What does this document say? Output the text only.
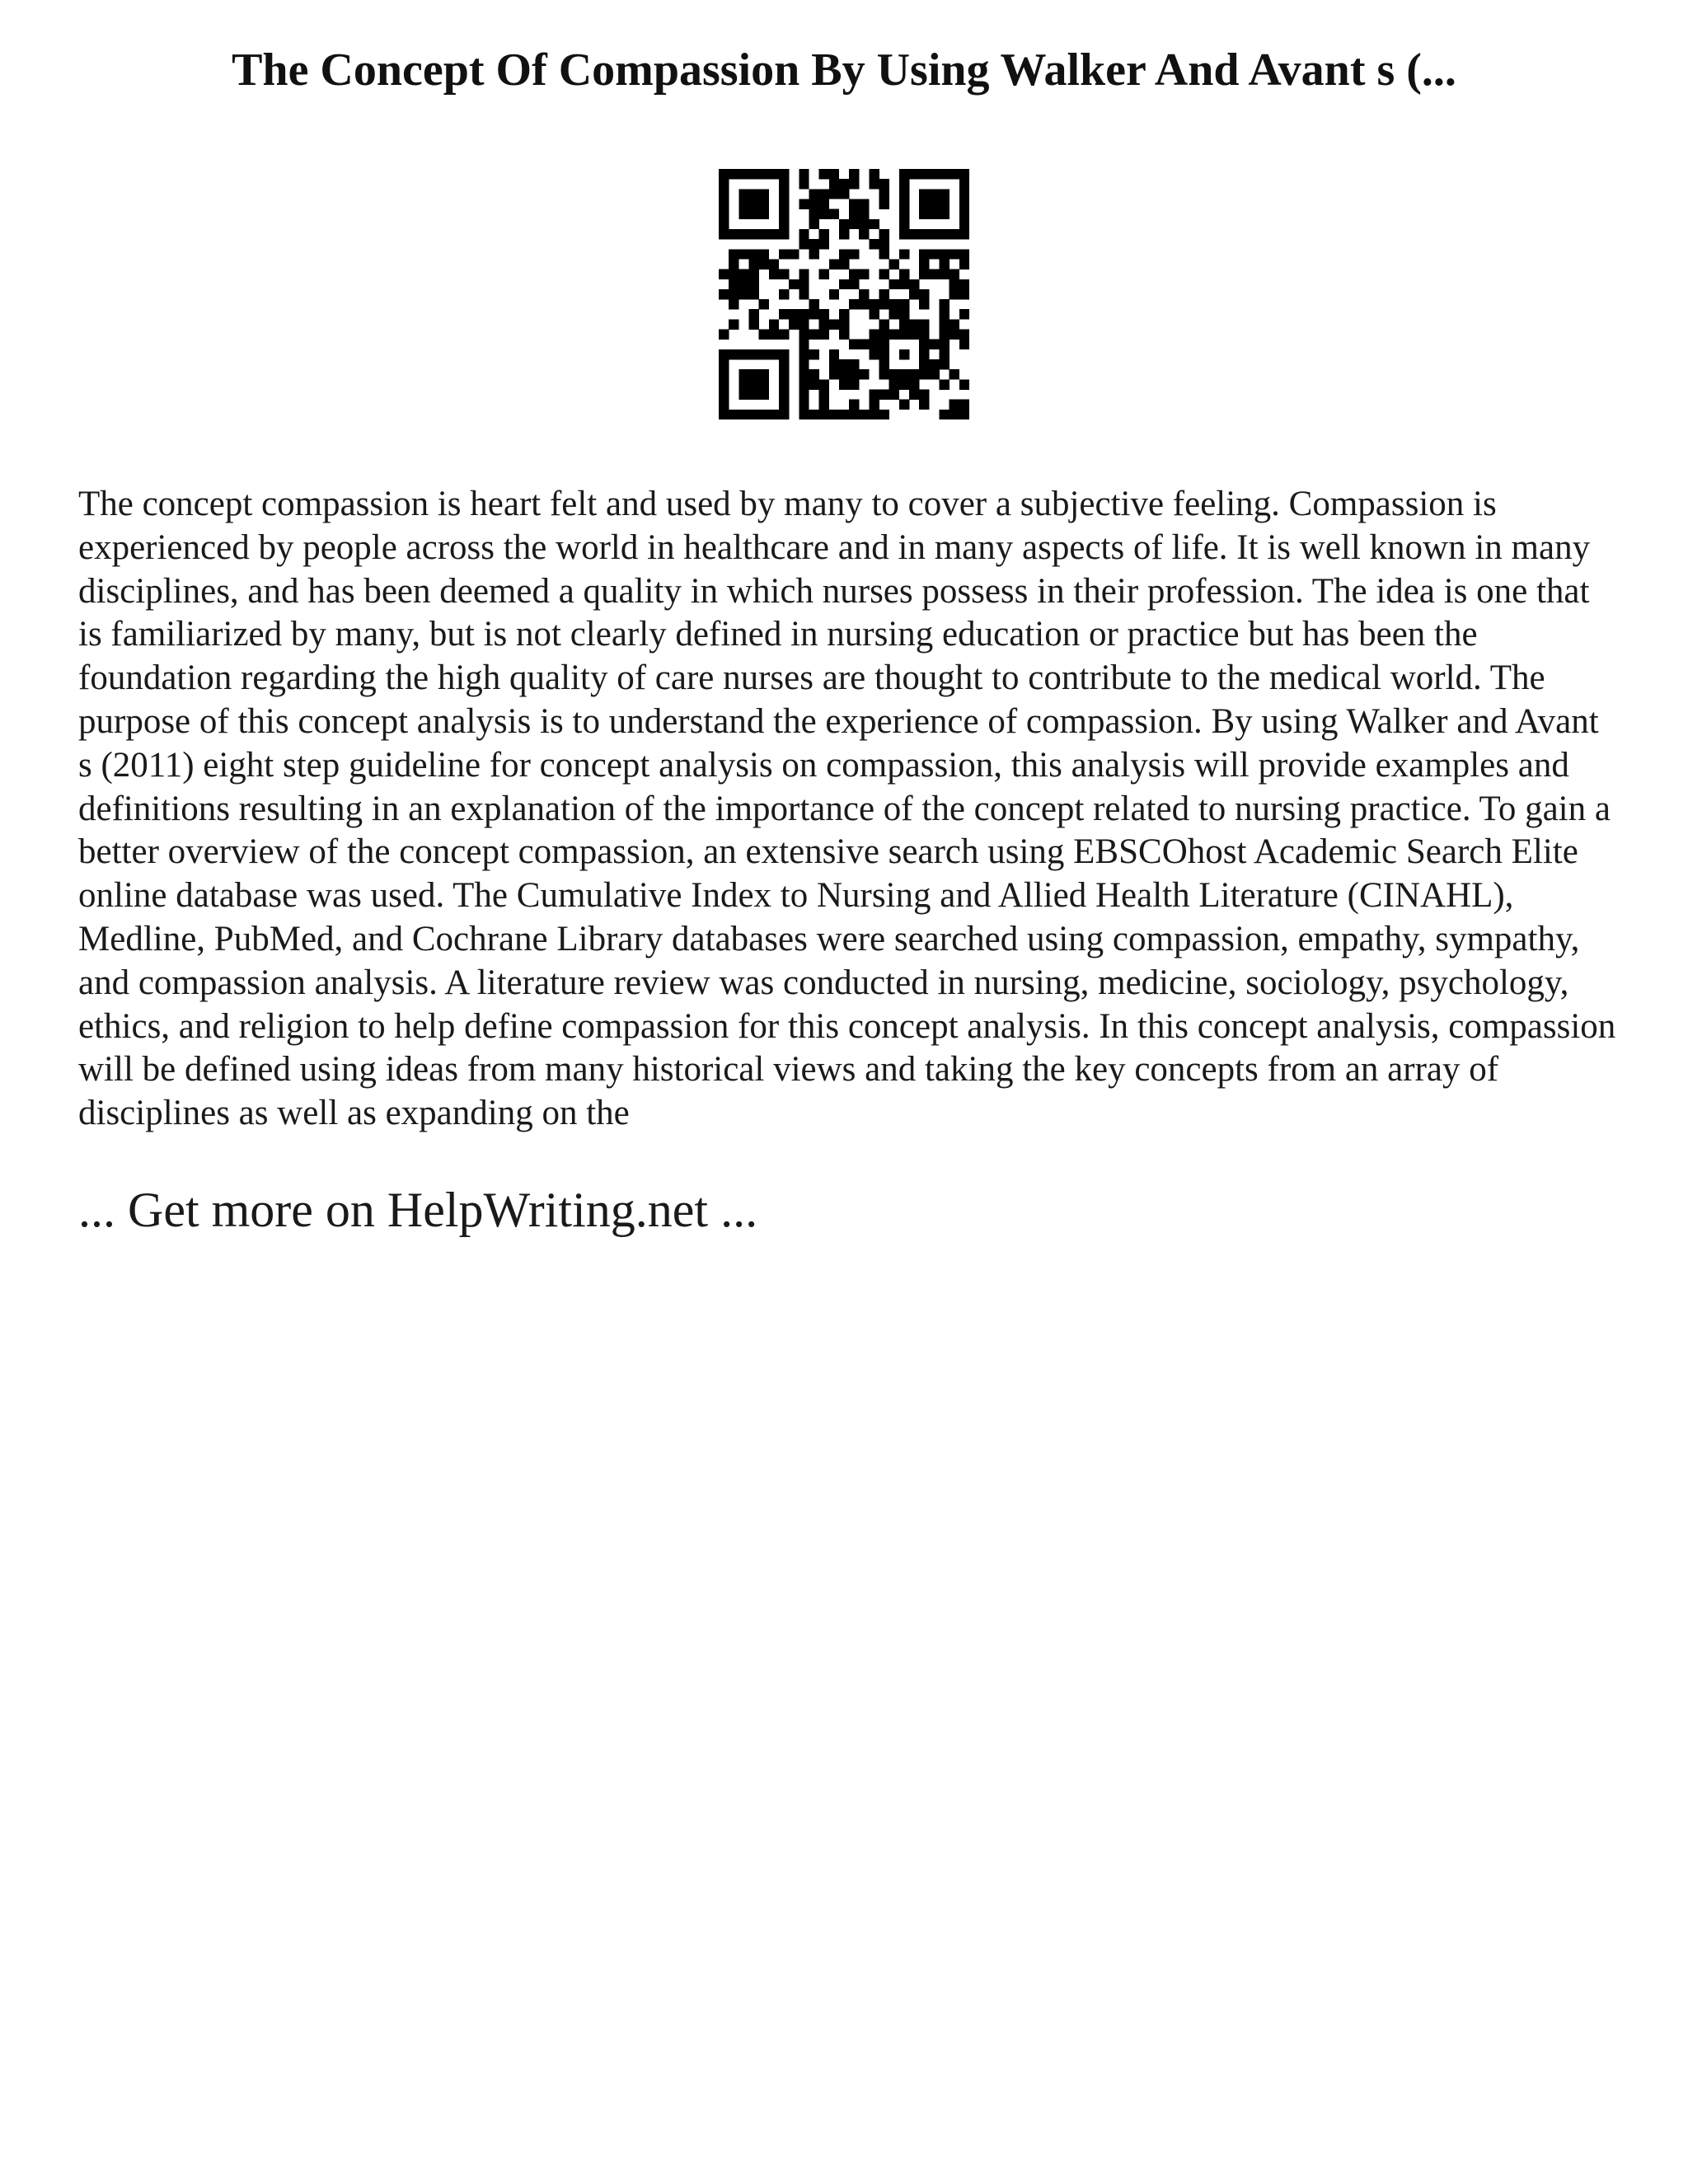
The Concept Of Compassion By Using Walker And Avant s (...

The concept compassion is heart felt and used by many to cover a subjective feeling. Compassion is experienced by people across the world in healthcare and in many aspects of life. It is well known in many disciplines, and has been deemed a quality in which nurses possess in their profession. The idea is one that is familiarized by many, but is not clearly defined in nursing education or practice but has been the foundation regarding the high quality of care nurses are thought to contribute to the medical world. The purpose of this concept analysis is to understand the experience of compassion. By using Walker and Avant s (2011) eight step guideline for concept analysis on compassion, this analysis will provide examples and definitions resulting in an explanation of the importance of the concept related to nursing practice. To gain a better overview of the concept compassion, an extensive search using EBSCOhost Academic Search Elite online database was used. The Cumulative Index to Nursing and Allied Health Literature (CINAHL), Medline, PubMed, and Cochrane Library databases were searched using compassion, empathy, sympathy, and compassion analysis. A literature review was conducted in nursing, medicine, sociology, psychology, ethics, and religion to help define compassion for this concept analysis. In this concept analysis, compassion will be defined using ideas from many historical views and taking the key concepts from an array of disciplines as well as expanding on the

... Get more on HelpWriting.net ...
